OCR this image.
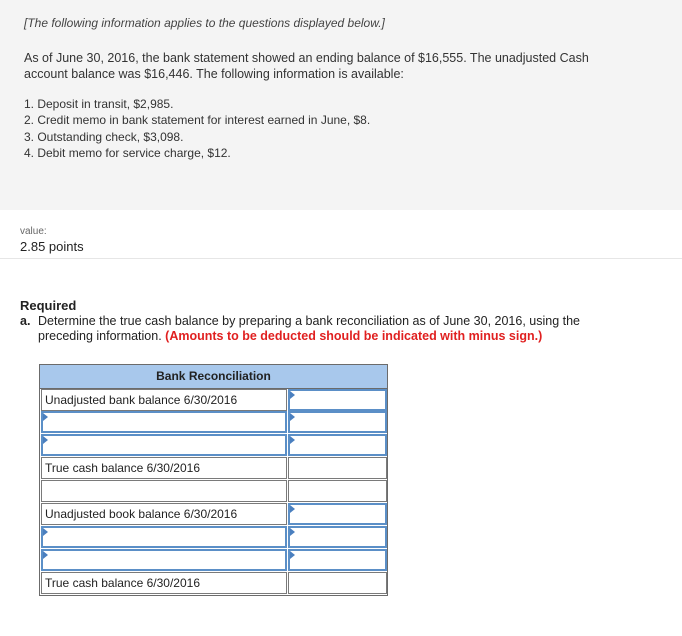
[The following information applies to the questions displayed below.]
As of June 30, 2016, the bank statement showed an ending balance of $16,555. The unadjusted Cash account balance was $16,446. The following information is available:
1. Deposit in transit, $2,985.
2. Credit memo in bank statement for interest earned in June, $8.
3. Outstanding check, $3,098.
4. Debit memo for service charge, $12.
value:
2.85 points
Required
a. Determine the true cash balance by preparing a bank reconciliation as of June 30, 2016, using the preceding information. (Amounts to be deducted should be indicated with minus sign.)
Bank Reconciliation
Unadjusted bank balance 6/30/2016
True cash balance 6/30/2016
Unadjusted book balance 6/30/2016
True cash balance 6/30/2016
